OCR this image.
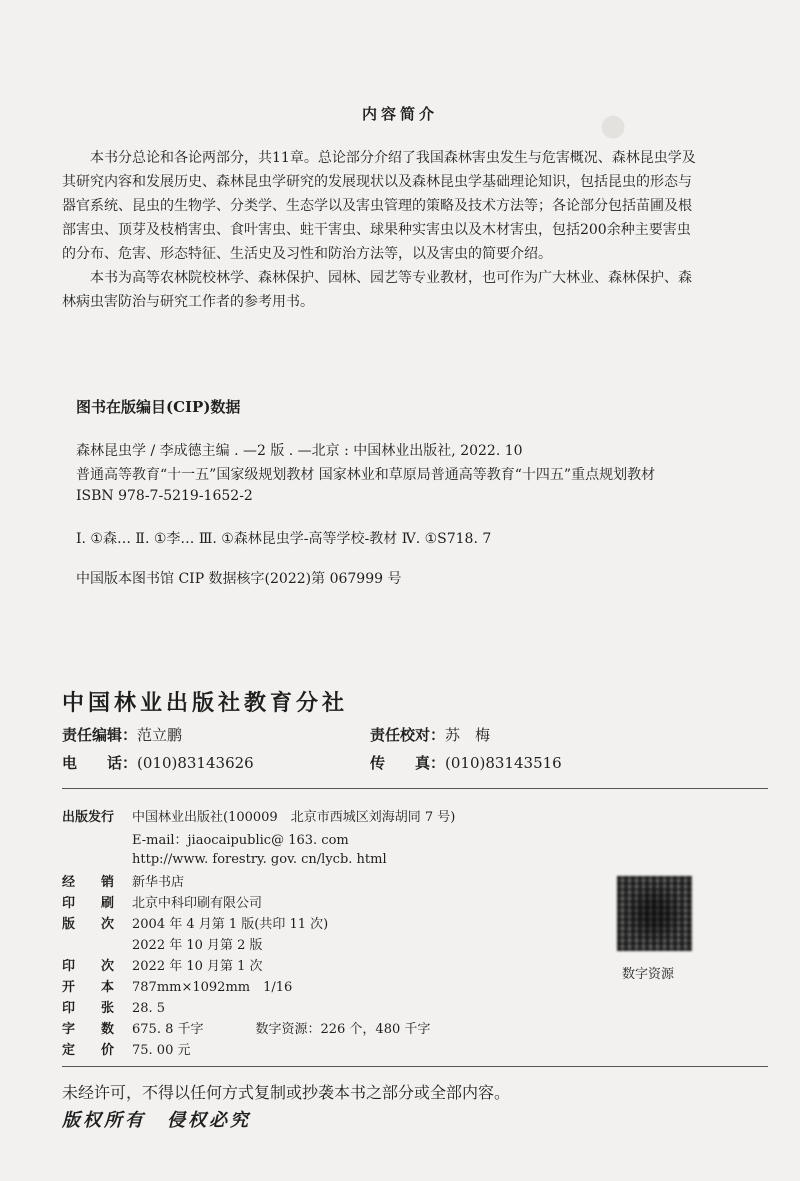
●
内容简介

本书分总论和各论两部分，共11章。总论部分介绍了我国森林害虫发生与危害概况、森林昆虫学及

其研究内容和发展历史、森林昆虫学研究的发展现状以及森林昆虫学基础理论知识，包括昆虫的形态与

器官系统、昆虫的生物学、分类学、生态学以及害虫管理的策略及技术方法等；各论部分包括苗圃及根

部害虫、顶芽及枝梢害虫、食叶害虫、蛀干害虫、球果种实害虫以及木材害虫，包括200余种主要害虫

的分布、危害、形态特征、生活史及习性和防治方法等，以及害虫的简要介绍。

本书为高等农林院校林学、森林保护、园林、园艺等专业教材，也可作为广大林业、森林保护、森

林病虫害防治与研究工作者的参考用书。

图书在版编目(CIP)数据
森林昆虫学 / 李成德主编 . —2 版 . —北京 : 中国林业出版社, 2022. 10
普通高等教育“十一五”国家级规划教材 国家林业和草原局普通高等教育“十四五”重点规划教材
ISBN 978-7-5219-1652-2
Ⅰ. ①森… Ⅱ. ①李… Ⅲ. ①森林昆虫学-高等学校-教材 Ⅳ. ①S718. 7
中国版本图书馆 CIP 数据核字(2022)第 067999 号
中国林业出版社教育分社
责任编辑：范立鹏	责任校对：苏　梅
电　　话：(010)83143626	传　　真：(010)83143516
出版发行 中国林业出版社(100009　北京市西城区刘海胡同 7 号)
E-mail：jiaocaipublic@ 163. com
http://www. forestry. gov. cn/lycb. html
经　　销 新华书店
印　　刷 北京中科印刷有限公司
版　　次 2004 年 4 月第 1 版(共印 11 次)
2022 年 10 月第 2 版
印　　次 2022 年 10 月第 1 次
开　　本 787mm×1092mm　1/16
印　　张 28. 5
字　　数 675. 8 千字　　　　数字资源：226 个，480 千字
定　　价 75. 00 元
数字资源
未经许可，不得以任何方式复制或抄袭本书之部分或全部内容。
版权所有　侵权必究
